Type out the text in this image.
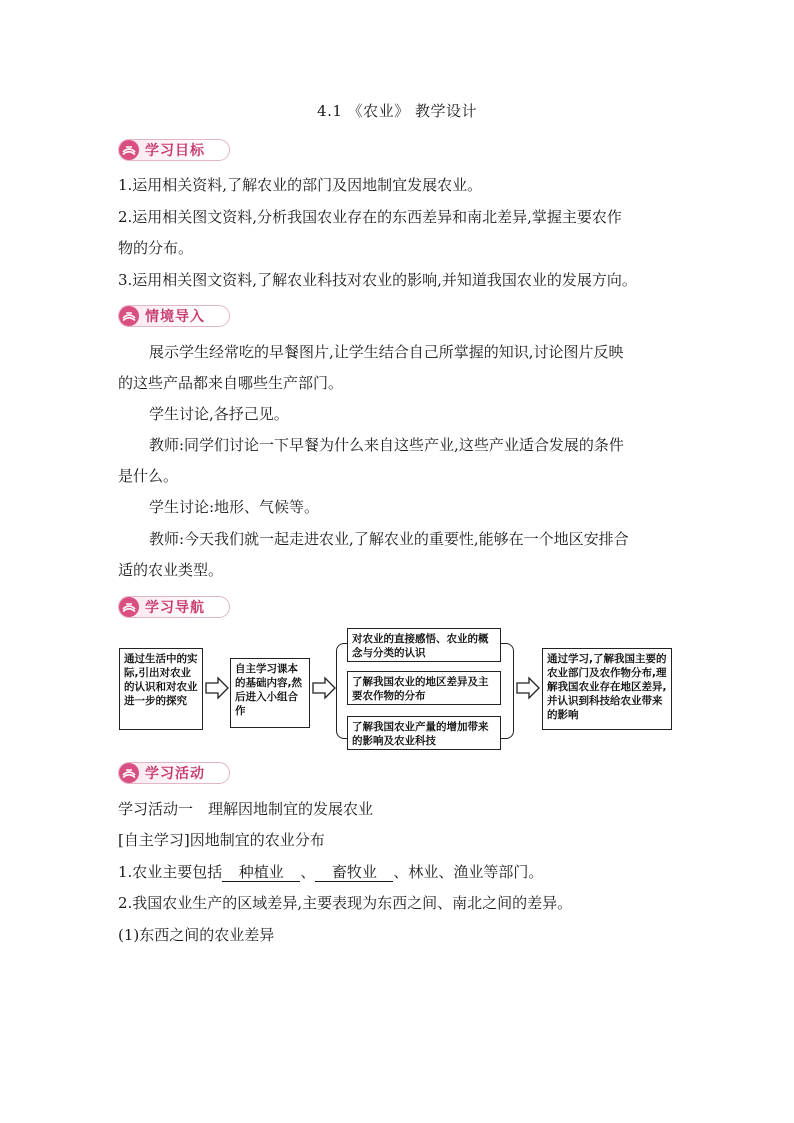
4.1 《农业》 教学设计
学习目标
1.运用相关资料,了解农业的部门及因地制宜发展农业。
2.运用相关图文资料,分析我国农业存在的东西差异和南北差异,掌握主要农作
物的分布。
3.运用相关图文资料,了解农业科技对农业的影响,并知道我国农业的发展方向。
情境导入
展示学生经常吃的早餐图片,让学生结合自己所掌握的知识,讨论图片反映
的这些产品都来自哪些生产部门。
学生讨论,各抒己见。
教师:同学们讨论一下早餐为什么来自这些产业,这些产业适合发展的条件
是什么。
学生讨论:地形、气候等。
教师:今天我们就一起走进农业,了解农业的重要性,能够在一个地区安排合
适的农业类型。
学习导航
通过生活中的实际,引出对农业的认识和对农业进一步的探究
自主学习课本的基础内容,然后进入小组合作
对农业的直接感悟、农业的概念与分类的认识
了解我国农业的地区差异及主要农作物的分布
了解我国农业产量的增加带来的影响及农业科技
通过学习,了解我国主要的农业部门及农作物分布,理解我国农业存在地区差异,并认识到科技给农业带来的影响
学习活动
学习活动一　理解因地制宜的发展农业
[自主学习]因地制宜的农业分布
1.农业主要包括 种植业 、 畜牧业 、林业、渔业等部门。
2.我国农业生产的区域差异,主要表现为东西之间、南北之间的差异。
(1)东西之间的农业差异
